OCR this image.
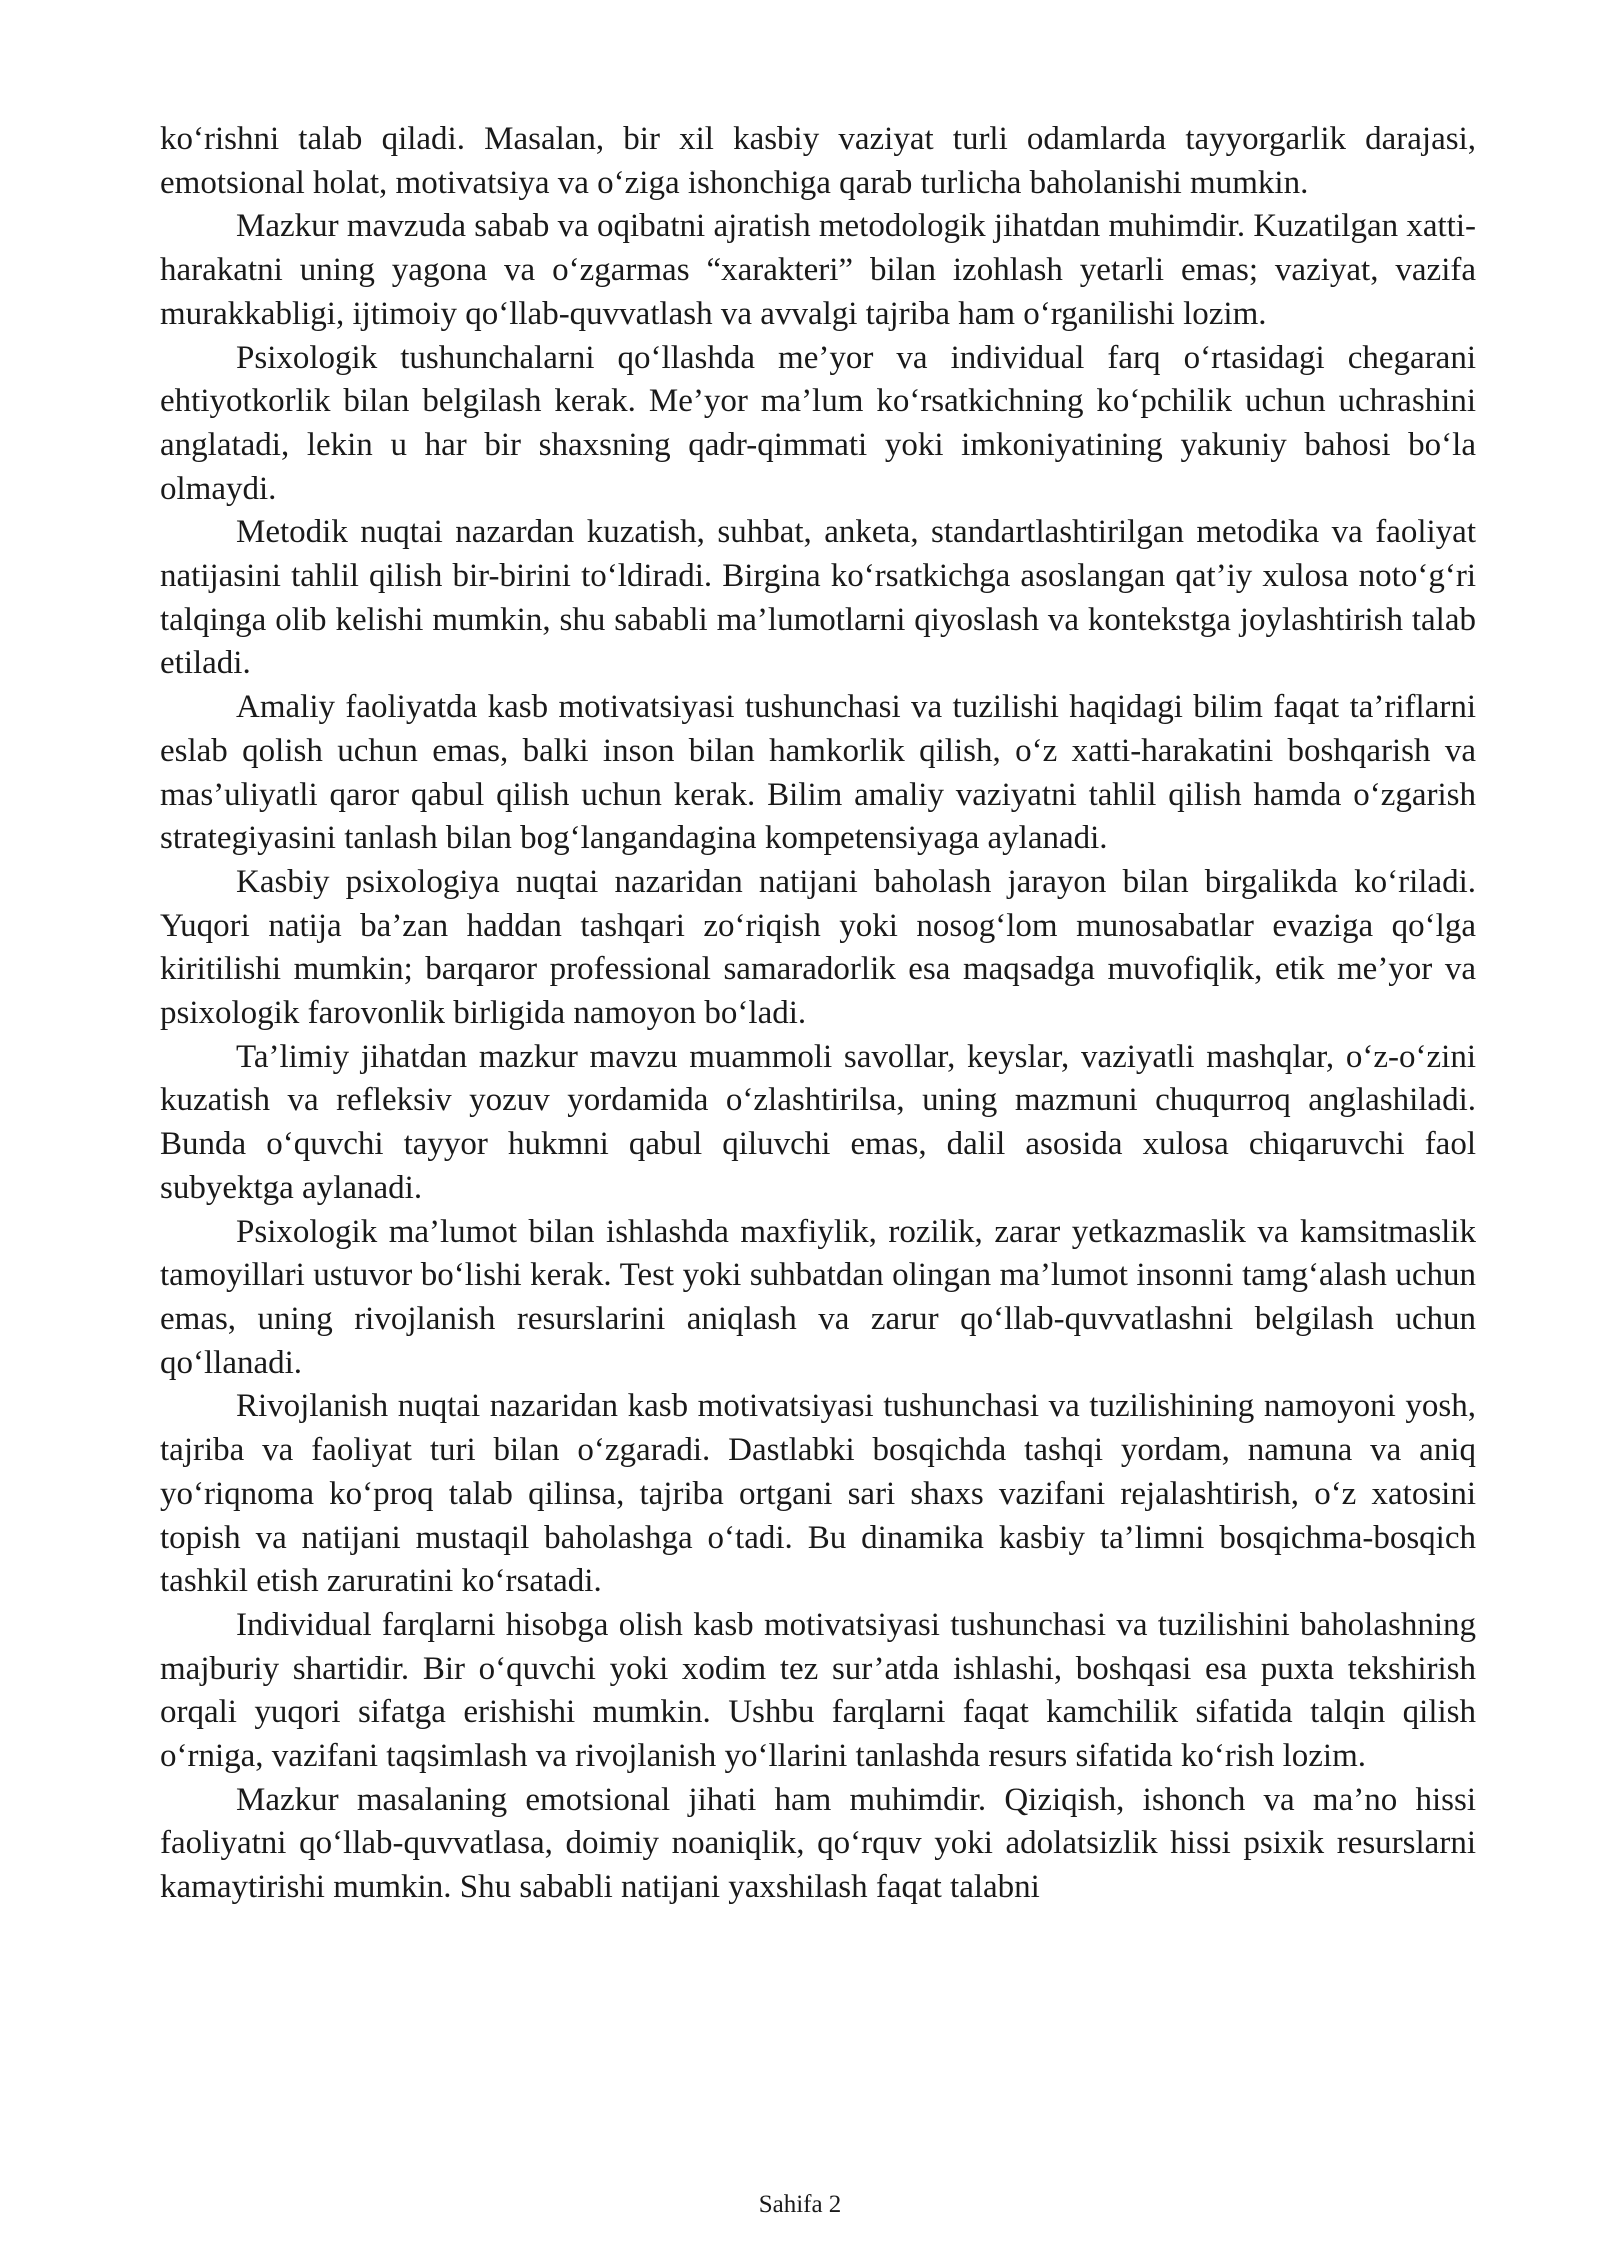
ko‘rishni talab qiladi. Masalan, bir xil kasbiy vaziyat turli odamlarda tayyorgarlik darajasi, emotsional holat, motivatsiya va o‘ziga ishonchiga qarab turlicha baholanishi mumkin.

Mazkur mavzuda sabab va oqibatni ajratish metodologik jihatdan muhimdir. Kuzatilgan xatti-harakatni uning yagona va o‘zgarmas “xarakteri” bilan izohlash yetarli emas; vaziyat, vazifa murakkabligi, ijtimoiy qo‘llab-quvvatlash va avvalgi tajriba ham o‘rganilishi lozim.

Psixologik tushunchalarni qo‘llashda me’yor va individual farq o‘rtasidagi chegarani ehtiyotkorlik bilan belgilash kerak. Me’yor ma’lum ko‘rsatkichning ko‘pchilik uchun uchrashini anglatadi, lekin u har bir shaxsning qadr-qimmati yoki imkoniyatining yakuniy bahosi bo‘la olmaydi.

Metodik nuqtai nazardan kuzatish, suhbat, anketa, standartlashtirilgan metodika va faoliyat natijasini tahlil qilish bir-birini to‘ldiradi. Birgina ko‘rsatkichga asoslangan qat’iy xulosa noto‘g‘ri talqinga olib kelishi mumkin, shu sababli ma’lumotlarni qiyoslash va kontekstga joylashtirish talab etiladi.

Amaliy faoliyatda kasb motivatsiyasi tushunchasi va tuzilishi haqidagi bilim faqat ta’riflarni eslab qolish uchun emas, balki inson bilan hamkorlik qilish, o‘z xatti-harakatini boshqarish va mas’uliyatli qaror qabul qilish uchun kerak. Bilim amaliy vaziyatni tahlil qilish hamda o‘zgarish strategiyasini tanlash bilan bog‘langandagina kompetensiyaga aylanadi.

Kasbiy psixologiya nuqtai nazaridan natijani baholash jarayon bilan birgalikda ko‘riladi. Yuqori natija ba’zan haddan tashqari zo‘riqish yoki nosog‘lom munosabatlar evaziga qo‘lga kiritilishi mumkin; barqaror professional samaradorlik esa maqsadga muvofiqlik, etik me’yor va psixologik farovonlik birligida namoyon bo‘ladi.

Ta’limiy jihatdan mazkur mavzu muammoli savollar, keyslar, vaziyatli mashqlar, o‘z-o‘zini kuzatish va refleksiv yozuv yordamida o‘zlashtirilsa, uning mazmuni chuqurroq anglashiladi. Bunda o‘quvchi tayyor hukmni qabul qiluvchi emas, dalil asosida xulosa chiqaruvchi faol subyektga aylanadi.

Psixologik ma’lumot bilan ishlashda maxfiylik, rozilik, zarar yetkazmaslik va kamsitmaslik tamoyillari ustuvor bo‘lishi kerak. Test yoki suhbatdan olingan ma’lumot insonni tamg‘alash uchun emas, uning rivojlanish resurslarini aniqlash va zarur qo‘llab-quvvatlashni belgilash uchun qo‘llanadi.

Rivojlanish nuqtai nazaridan kasb motivatsiyasi tushunchasi va tuzilishining namoyoni yosh, tajriba va faoliyat turi bilan o‘zgaradi. Dastlabki bosqichda tashqi yordam, namuna va aniq yo‘riqnoma ko‘proq talab qilinsa, tajriba ortgani sari shaxs vazifani rejalashtirish, o‘z xatosini topish va natijani mustaqil baholashga o‘tadi. Bu dinamika kasbiy ta’limni bosqichma-bosqich tashkil etish zaruratini ko‘rsatadi.

Individual farqlarni hisobga olish kasb motivatsiyasi tushunchasi va tuzilishini baholashning majburiy shartidir. Bir o‘quvchi yoki xodim tez sur’atda ishlashi, boshqasi esa puxta tekshirish orqali yuqori sifatga erishishi mumkin. Ushbu farqlarni faqat kamchilik sifatida talqin qilish o‘rniga, vazifani taqsimlash va rivojlanish yo‘llarini tanlashda resurs sifatida ko‘rish lozim.

Mazkur masalaning emotsional jihati ham muhimdir. Qiziqish, ishonch va ma’no hissi faoliyatni qo‘llab-quvvatlasa, doimiy noaniqlik, qo‘rquv yoki adolatsizlik hissi psixik resurslarni kamaytirishi mumkin. Shu sababli natijani yaxshilash faqat talabni

Sahifa 2
